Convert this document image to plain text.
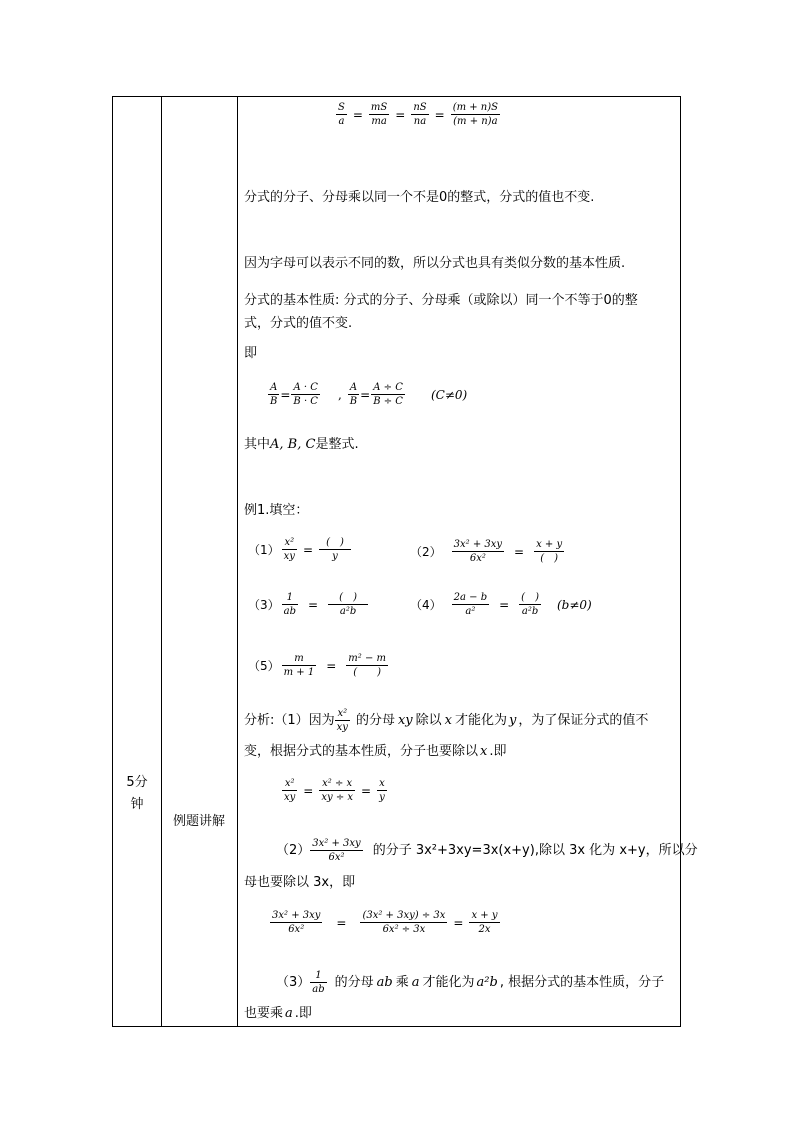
5分钟
例题讲解
$\frac{S}{a} = \frac{mS}{ma} = \frac{nS}{na} = \frac{(m + n)S}{(m + n)a}$
分式的分子、分母乘以同一个不是0的整式，分式的值也不变.
因为字母可以表示不同的数，所以分式也具有类似分数的基本性质.
分式的基本性质: 分式的分子、分母乘（或除以）同一个不等于0的整
式，分式的值不变.
即
$\frac{A}{B} = \frac{A \cdot C}{B \cdot C}$ , $\frac{A}{B} = \frac{A \div C}{B \div C} (C\ne 0)$
其中A, B, C是整式.
例1.填空：
$(1) \frac{\text{x²}}{xy} = \frac{( )}{y}$	$(2) \frac{\text{3x² + 3xy}}{\text{6x²}} = \frac{x + y}{( )}$
$(3) \frac{1}{ab} = \frac{( )}{\text{a²b}}$	$(4) \frac{2a - b}{\text{a²}} = \frac{( )}{\text{a²b}} (b\ne 0)$
$(5) \frac{m}{m + 1} = \frac{\text{m² − m}}{( )}$
分析:（1）因为 $\frac{\text{x²}}{xy}$ 的分母 xy 除以 x 才能化为 y ，为了保证分式的值不
变，根据分式的基本性质，分子也要除以 x .即
$\frac{\text{x²}}{xy} = \frac{\text{x² ÷ x}}{xy \div x} = \frac{x}{y}$
$(2) \frac{\text{3x² + 3xy}}{\text{6x²}}$ 的分子 3x²+3xy=3x(x+y),除以 3x 化为 x+y，所以分
母也要除以 3x，即
$\frac{\text{3x² + 3xy}}{\text{6x²}} = \frac{\text{(3x² + 3xy) ÷ 3x}}{\text{6x² ÷ 3x}} = \frac{x + y}{2x}$
$(3) \frac{1}{ab}$ 的分母 ab 乘 a 才能化为 a²b , 根据分式的基本性质，分子
也要乘 a .即
